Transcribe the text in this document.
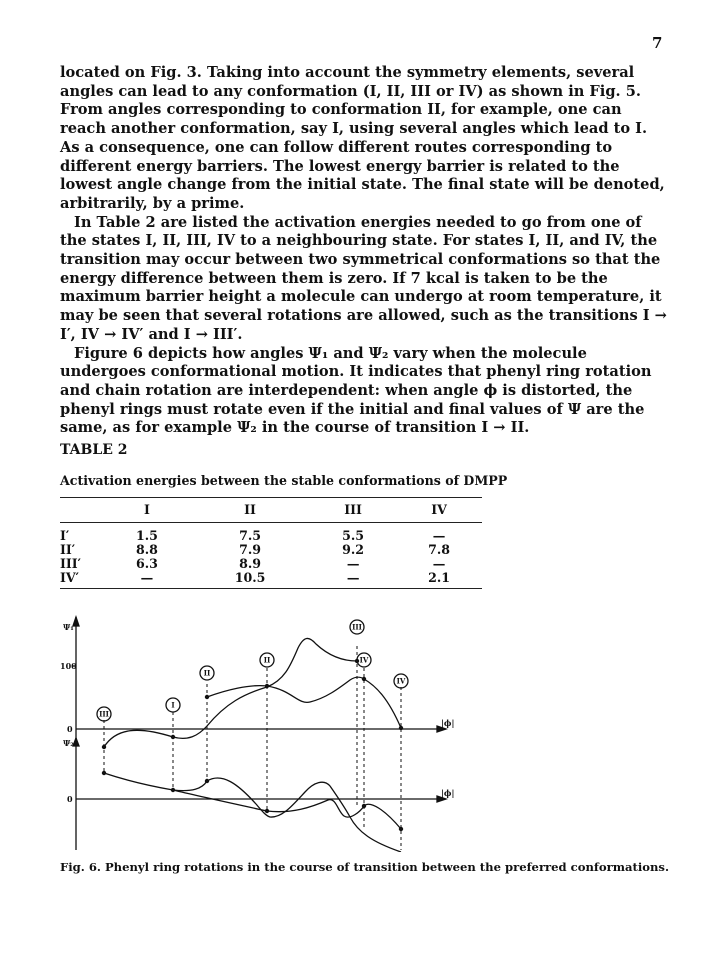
7

located on Fig. 3. Taking into account the symmetry elements, several angles can lead to any conformation (I, II, III or IV) as shown in Fig. 5. From angles corresponding to conformation II, for example, one can reach another conformation, say I, using several angles which lead to I. As a consequence, one can follow different routes corresponding to different energy barriers. The lowest energy barrier is related to the lowest angle change from the initial state. The final state will be denoted, arbitrarily, by a prime.

In Table 2 are listed the activation energies needed to go from one of the states I, II, III, IV to a neighbouring state. For states I, II, and IV, the transition may occur between two symmetrical conformations so that the energy difference between them is zero. If 7 kcal is taken to be the maximum barrier height a molecule can undergo at room temperature, it may be seen that several rotations are allowed, such as the transitions I → I′, IV → IV′ and I → III′.

Figure 6 depicts how angles Ψ₁ and Ψ₂ vary when the molecule undergoes conformational motion. It indicates that phenyl ring rotation and chain rotation are interdependent: when angle ϕ is distorted, the phenyl rings must rotate even if the initial and final values of Ψ are the same, as for example Ψ₂ in the course of transition I → II.

TABLE 2
Activation energies between the stable conformations of DMPP
	I	II	III	IV
I′	1.5	7.5	5.5	—
II′	8.8	7.9	9.2	7.8
III′	6.3	8.9	—	—
IV′	—	10.5	—	2.1
III
I
II
II
III
IV
IV
Ψ₁
100
0
Ψ₂
0
|ϕ|
|ϕ|
Fig. 6. Phenyl ring rotations in the course of transition between the preferred conformations.
